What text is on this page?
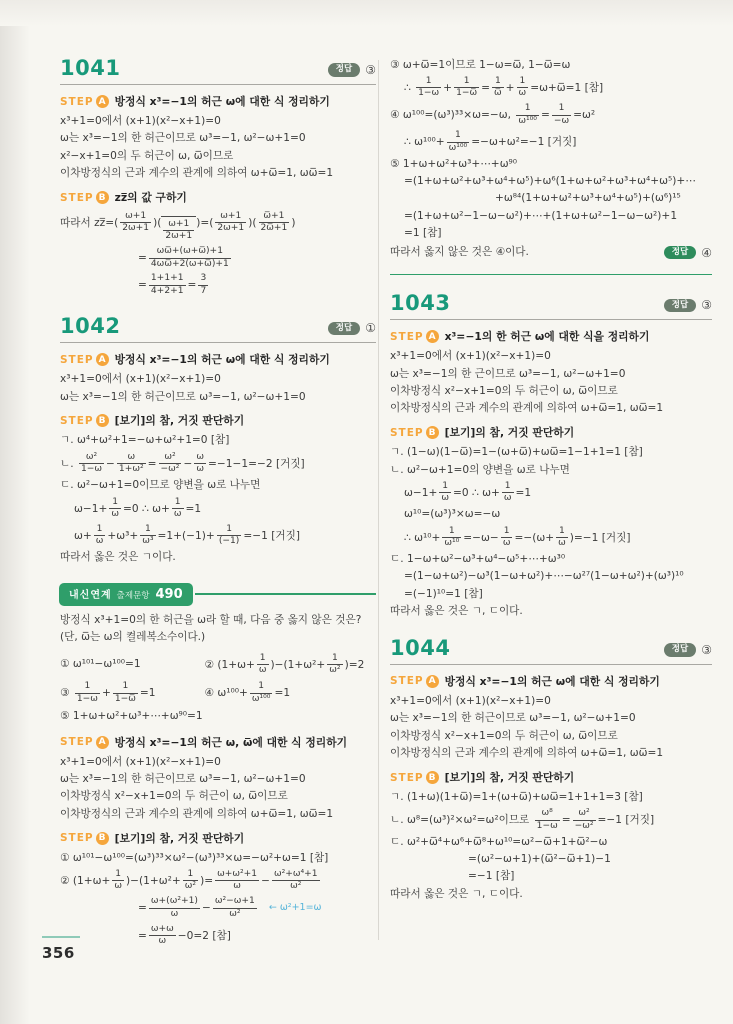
1041	정답	③
STEP A 방정식 x³=−1의 허근 ω에 대한 식 정리하기
x³+1=0에서 (x+1)(x²−x+1)=0
ω는 x³=−1의 한 허근이므로 ω³=−1, ω²−ω+1=0
x²−x+1=0의 두 허근이 ω, ω̅이므로
이차방정식의 근과 계수의 관계에 의하여 ω+ω̅=1, ωω̅=1
STEP B zz̅의 값 구하기
따라서 zz̅=( $\frac{\omega+1}{2\omega+1}$ )( $\frac{\omega+1}{2\omega+1}$ )=( $\frac{\omega+1}{2\omega+1}$ )( $\frac{\omega̅+1}{2\omega̅+1}$ )
= $\frac{\omega\omega̅+(\omega+\omega̅)+1}{4\omega\omega̅+2(\omega+\omega̅)+1}$
= $\frac{1+1+1}{4+2+1} = \frac{3}{7}$
1042	정답	①
STEP A 방정식 x³=−1의 허근 ω에 대한 식 정리하기
x³+1=0에서 (x+1)(x²−x+1)=0
ω는 x³=−1의 한 허근이므로 ω³=−1, ω²−ω+1=0
STEP B [보기]의 참, 거짓 판단하기
ㄱ. ω⁴+ω²+1=−ω+ω²+1=0 [참]
ㄴ. $\frac{\text{ω²}}{1-\omega} - \frac{\omega}{\text{1+ω²}} = \frac{\text{ω²}}{\text{−ω²}} - \frac{\omega}{\omega} =-1-1=-2$ [거짓]
ㄷ. ω²−ω+1=0이므로 양변을 ω로 나누면
$\omega-1+ \frac{1}{\omega} =0$ ∴ $\omega+ \frac{1}{\omega} =1$
$\omega+ \frac{1}{\omega} +\omega^3+ \frac{1}{\text{ω³}} =1+(-1)+ \frac{1}{(-1)} =-1$ [거짓]
따라서 옳은 것은 ㄱ이다.
내신연계 출제문항 490
방정식 x³+1=0의 한 허근을 ω라 할 때, 다음 중 옳지 않은 것은?
(단, ω̅는 ω의 켤레복소수이다.)
① ω¹⁰¹−ω¹⁰⁰=1	② $(1+\omega+ \frac{1}{\omega} )-(1+\omega^2+ \frac{1}{\text{ω²}} )=2$
③ $\frac{1}{1-\omega} + \frac{1}{1-\omega̅} =1$	④ $\omega^{100}+ \frac{1}{\text{ω¹⁰⁰}} =1$
⑤ 1+ω+ω²+ω³+⋯+ω⁹⁰=1
STEP A 방정식 x³=−1의 허근 ω, ω̅에 대한 식 정리하기
x³+1=0에서 (x+1)(x²−x+1)=0
ω는 x³=−1의 한 허근이므로 ω³=−1, ω²−ω+1=0
이차방정식 x²−x+1=0의 두 허근이 ω, ω̅이므로
이차방정식의 근과 계수의 관계에 의하여 ω+ω̅=1, ωω̅=1
STEP B [보기]의 참, 거짓 판단하기
① ω¹⁰¹−ω¹⁰⁰=(ω³)³³×ω²−(ω³)³³×ω=−ω²+ω=1 [참]
② $(1+\omega+ \frac{1}{\omega} )-(1+\omega^2+ \frac{1}{\text{ω²}}$ )= $\frac{\text{ω+ω²+1}}{\omega} - \frac{\text{ω²+ω⁴+1}}{\text{ω²}}$
= $\frac{\text{ω+(ω²+1)}}{\omega} - \frac{\text{ω²−ω+1}}{\text{ω²}}$ ← ω²+1=ω
= $\frac{\omega+\omega}{\omega} -0=2$ [참]
③ ω+ω̅=1이므로 1−ω=ω̅, 1−ω̅=ω
∴ $\frac{1}{1-\omega} + \frac{1}{1-\omega̅} = \frac{1}{\omega̅} + \frac{1}{\omega}$ =ω+ω̅=1 [참]
④ ω¹⁰⁰=(ω³)³³×ω=−ω, $\frac{1}{\text{ω¹⁰⁰}} = \frac{1}{-\omega} =\omega^2$
∴ $\omega^{100}+ \frac{1}{\text{ω¹⁰⁰}} =-\omega+\omega^2=-1$ [거짓]
⑤ 1+ω+ω²+ω³+⋯+ω⁹⁰
=(1+ω+ω²+ω³+ω⁴+ω⁵)+ω⁶(1+ω+ω²+ω³+ω⁴+ω⁵)+⋯
+ω⁸⁴(1+ω+ω²+ω³+ω⁴+ω⁵)+(ω⁶)¹⁵
=(1+ω+ω²−1−ω−ω²)+⋯+(1+ω+ω²−1−ω−ω²)+1
=1 [참]
따라서 옳지 않은 것은 ④이다.	정답	④
1043	정답	③
STEP A x³=−1의 한 허근 ω에 대한 식을 정리하기
x³+1=0에서 (x+1)(x²−x+1)=0
ω는 x³=−1의 한 근이므로 ω³=−1, ω²−ω+1=0
이차방정식 x²−x+1=0의 두 허근이 ω, ω̅이므로
이차방정식의 근과 계수의 관계에 의하여 ω+ω̅=1, ωω̅=1
STEP B [보기]의 참, 거짓 판단하기
ㄱ. (1−ω)(1−ω̅)=1−(ω+ω̅)+ωω̅=1−1+1=1 [참]
ㄴ. ω²−ω+1=0의 양변을 ω로 나누면
$\omega-1+ \frac{1}{\omega} =0$ ∴ $\omega+ \frac{1}{\omega} =1$
ω¹⁰=(ω³)³×ω=−ω
∴ $\omega^{10}+ \frac{1}{\text{ω¹⁰}} =-\omega- \frac{1}{\omega} =-(\omega+ \frac{1}{\omega} )=-1$ [거짓]
ㄷ. 1−ω+ω²−ω³+ω⁴−ω⁵+⋯+ω³⁰
=(1−ω+ω²)−ω³(1−ω+ω²)+⋯−ω²⁷(1−ω+ω²)+(ω³)¹⁰
=(−1)¹⁰=1 [참]
따라서 옳은 것은 ㄱ, ㄷ이다.
1044	정답	③
STEP A 방정식 x³=−1의 허근 ω에 대한 식 정리하기
x³+1=0에서 (x+1)(x²−x+1)=0
ω는 x³=−1의 한 허근이므로 ω³=−1, ω²−ω+1=0
이차방정식 x²−x+1=0의 두 허근이 ω, ω̅이므로
이차방정식의 근과 계수의 관계에 의하여 ω+ω̅=1, ωω̅=1
STEP B [보기]의 참, 거짓 판단하기
ㄱ. (1+ω)(1+ω̅)=1+(ω+ω̅)+ωω̅=1+1+1=3 [참]
ㄴ. ω⁸=(ω³)²×ω²=ω²이므로 $\frac{\text{ω⁸}}{1-\omega} = \frac{\text{ω²}}{\text{−ω²}} =-1$ [거짓]
ㄷ. ω²+ω̅⁴+ω⁶+ω̅⁸+ω¹⁰=ω²−ω̅+1+ω̅²−ω
=(ω²−ω+1)+(ω̅²−ω̅+1)−1
=−1 [참]
따라서 옳은 것은 ㄱ, ㄷ이다.
356
